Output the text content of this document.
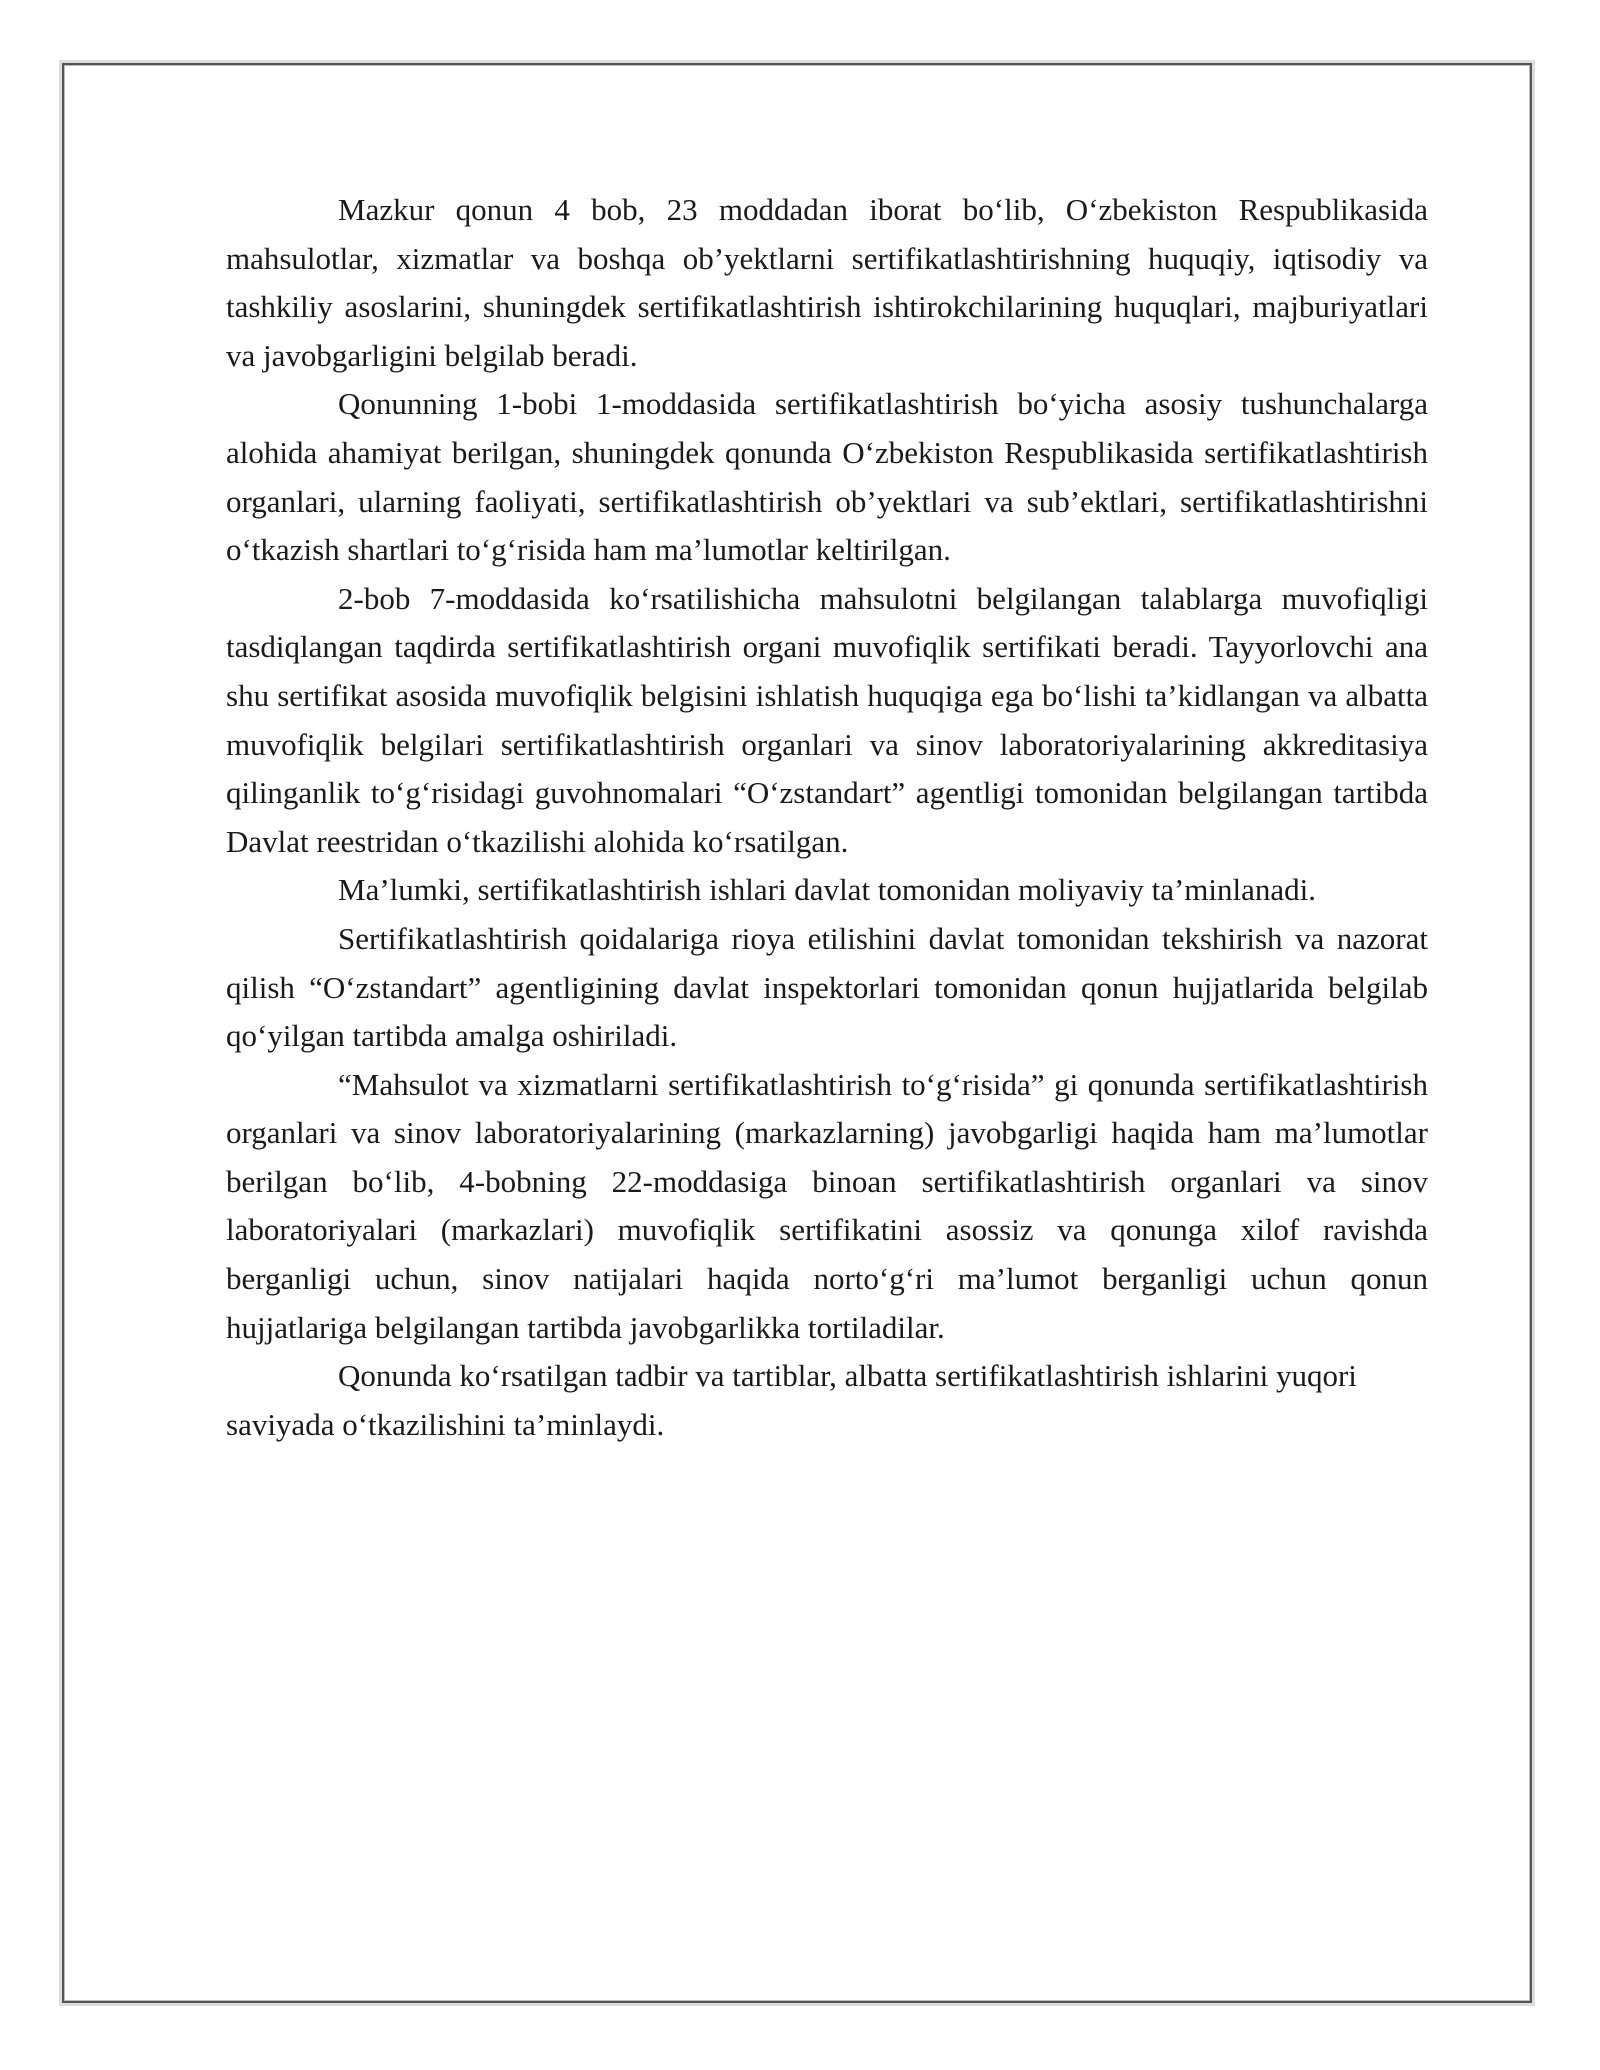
Mazkur qonun 4 bob, 23 moddadan iborat bo‘lib, O‘zbekiston Respublikasida mahsulotlar, xizmatlar va boshqa ob’yektlarni sertifikatlashtirishning huquqiy, iqtisodiy va tashkiliy asoslarini, shuningdek sertifikatlashtirish ishtirokchilarining huquqlari, majburiyatlari va javobgarligini belgilab beradi.

Qonunning 1-bobi 1-moddasida sertifikatlashtirish bo‘yicha asosiy tushunchalarga alohida ahamiyat berilgan, shuningdek qonunda O‘zbekiston Respublikasida sertifikatlashtirish organlari, ularning faoliyati, sertifikatlashtirish ob’yektlari va sub’ektlari, sertifikatlashtirishni o‘tkazish shartlari to‘g‘risida ham ma’lumotlar keltirilgan.

2-bob 7-moddasida ko‘rsatilishicha mahsulotni belgilangan talablarga muvofiqligi tasdiqlangan taqdirda sertifikatlashtirish organi muvofiqlik sertifikati beradi. Tayyorlovchi ana shu sertifikat asosida muvofiqlik belgisini ishlatish huquqiga ega bo‘lishi ta’kidlangan va albatta muvofiqlik belgilari sertifikatlashtirish organlari va sinov laboratoriyalarining akkreditasiya qilinganlik to‘g‘risidagi guvohnomalari “O‘zstandart” agentligi tomonidan belgilangan tartibda Davlat reestridan o‘tkazilishi alohida ko‘rsatilgan.

Ma’lumki, sertifikatlashtirish ishlari davlat tomonidan moliyaviy ta’minlanadi.

Sertifikatlashtirish qoidalariga rioya etilishini davlat tomonidan tekshirish va nazorat qilish “O‘zstandart” agentligining davlat inspektorlari tomonidan qonun hujjatlarida belgilab qo‘yilgan tartibda amalga oshiriladi.

“Mahsulot va xizmatlarni sertifikatlashtirish to‘g‘risida” gi qonunda sertifikatlashtirish organlari va sinov laboratoriyalarining (markazlarning) javobgarligi haqida ham ma’lumotlar berilgan bo‘lib, 4-bobning 22-moddasiga binoan sertifikatlashtirish organlari va sinov laboratoriyalari (markazlari) muvofiqlik sertifikatini asossiz va qonunga xilof ravishda berganligi uchun, sinov natijalari haqida norto‘g‘ri ma’lumot berganligi uchun qonun hujjatlariga belgilangan tartibda javobgarlikka tortiladilar.

Qonunda ko‘rsatilgan tadbir va tartiblar, albatta sertifikatlashtirish ishlarini yuqori saviyada o‘tkazilishini ta’minlaydi.
